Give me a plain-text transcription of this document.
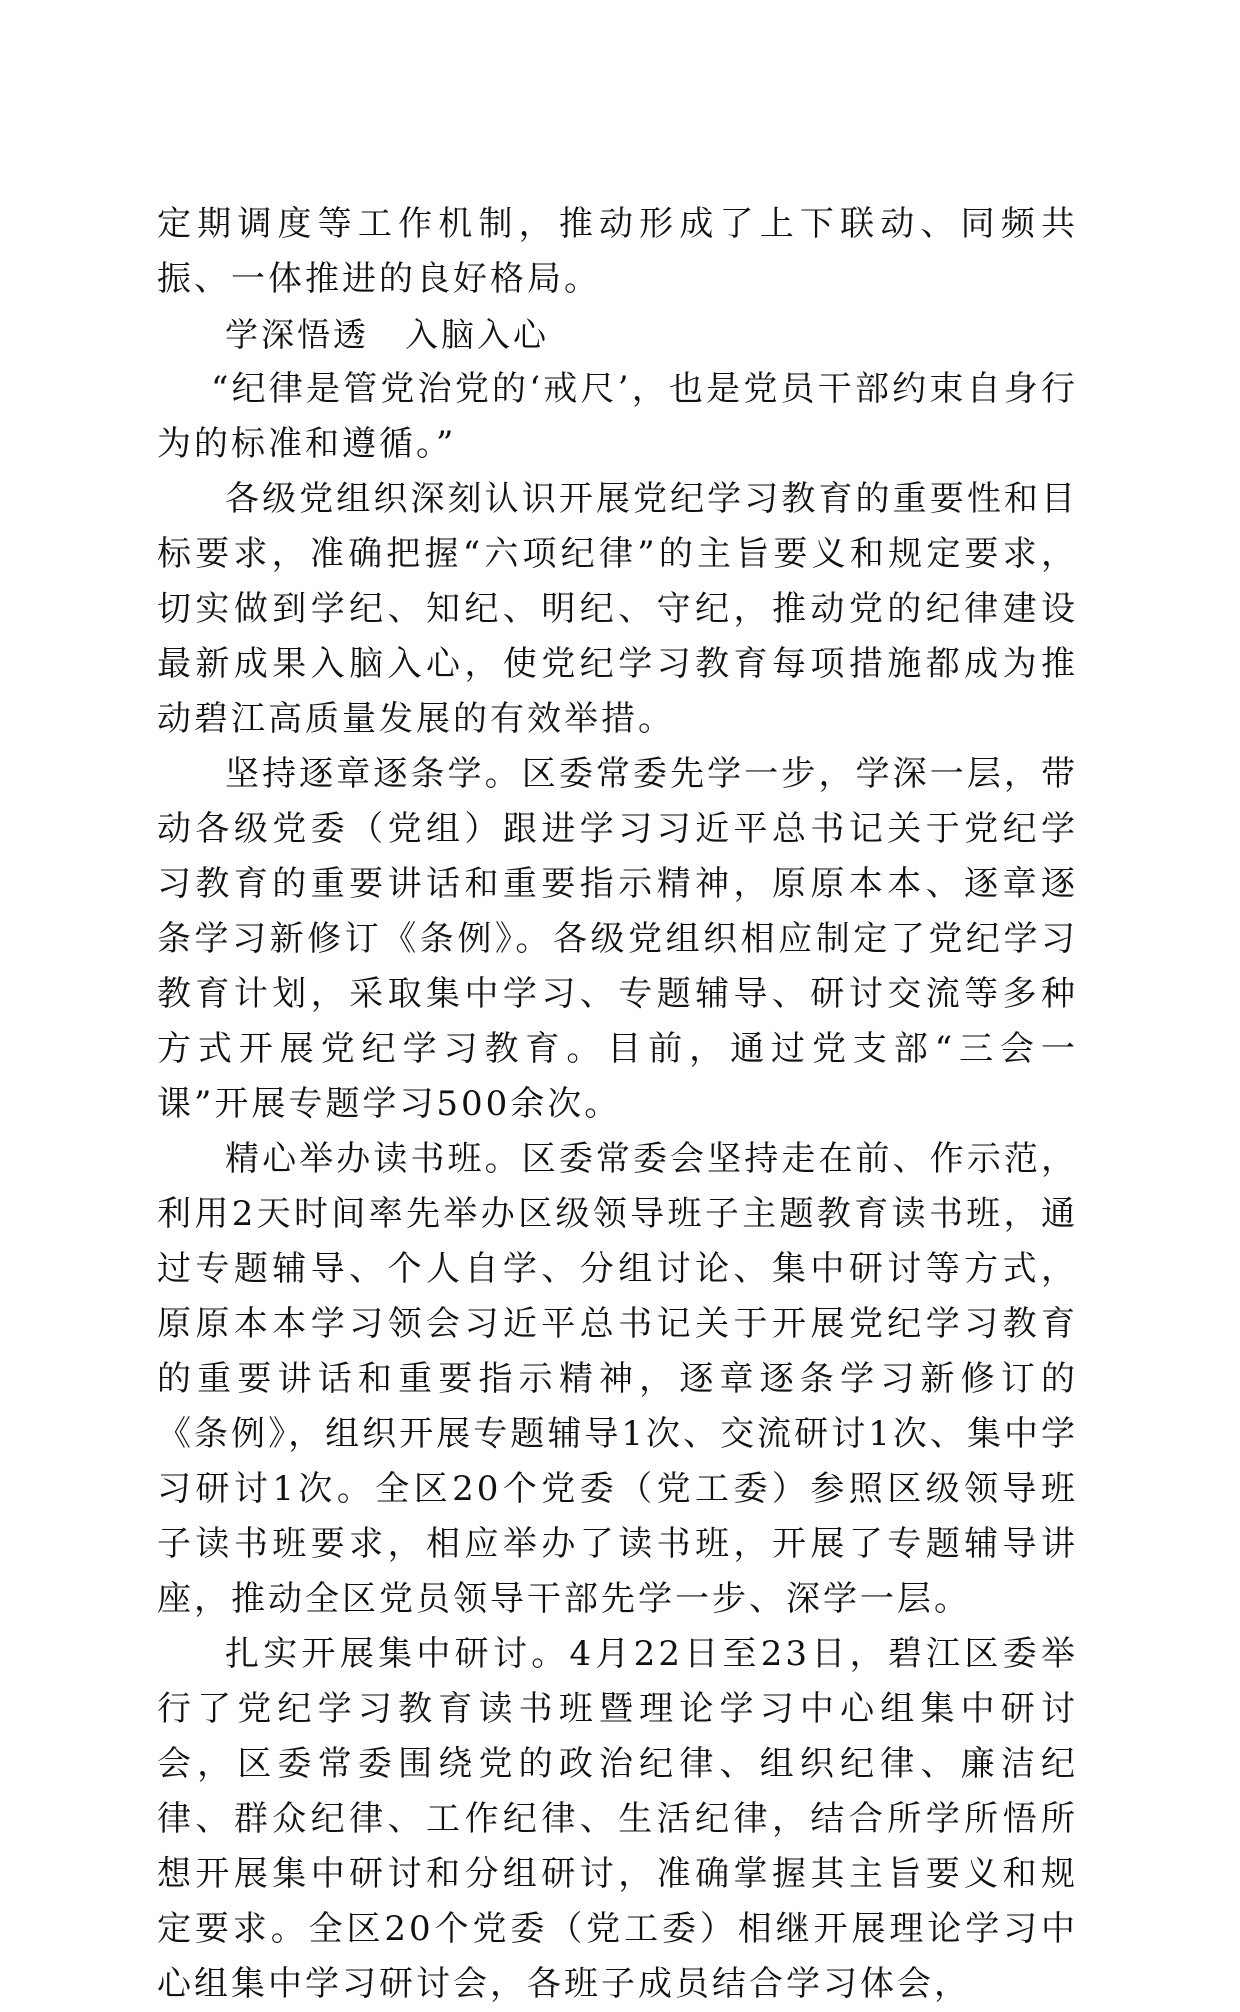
定期调度等工作机制，推动形成了上下联动、同频共振、一体推进的良好格局。

学深悟透　入脑入心

“纪律是管党治党的‘戒尺’，也是党员干部约束自身行为的标准和遵循。”

各级党组织深刻认识开展党纪学习教育的重要性和目标要求，准确把握“六项纪律”的主旨要义和规定要求，切实做到学纪、知纪、明纪、守纪，推动党的纪律建设最新成果入脑入心，使党纪学习教育每项措施都成为推动碧江高质量发展的有效举措。

坚持逐章逐条学。区委常委先学一步，学深一层，带动各级党委（党组）跟进学习习近平总书记关于党纪学习教育的重要讲话和重要指示精神，原原本本、逐章逐条学习新修订《条例》。各级党组织相应制定了党纪学习教育计划，采取集中学习、专题辅导、研讨交流等多种方式开展党纪学习教育。目前，通过党支部“三会一课”开展专题学习500余次。

精心举办读书班。区委常委会坚持走在前、作示范，利用2天时间率先举办区级领导班子主题教育读书班，通过专题辅导、个人自学、分组讨论、集中研讨等方式，原原本本学习领会习近平总书记关于开展党纪学习教育的重要讲话和重要指示精神，逐章逐条学习新修订的《条例》，组织开展专题辅导1次、交流研讨1次、集中学习研讨1次。全区20个党委（党工委）参照区级领导班子读书班要求，相应举办了读书班，开展了专题辅导讲座，推动全区党员领导干部先学一步、深学一层。

扎实开展集中研讨。4月22日至23日，碧江区委举行了党纪学习教育读书班暨理论学习中心组集中研讨会，区委常委围绕党的政治纪律、组织纪律、廉洁纪律、群众纪律、工作纪律、生活纪律，结合所学所悟所想开展集中研讨和分组研讨，准确掌握其主旨要义和规定要求。全区20个党委（党工委）相继开展理论学习中心组集中学习研讨会，各班子成员结合学习体会，
